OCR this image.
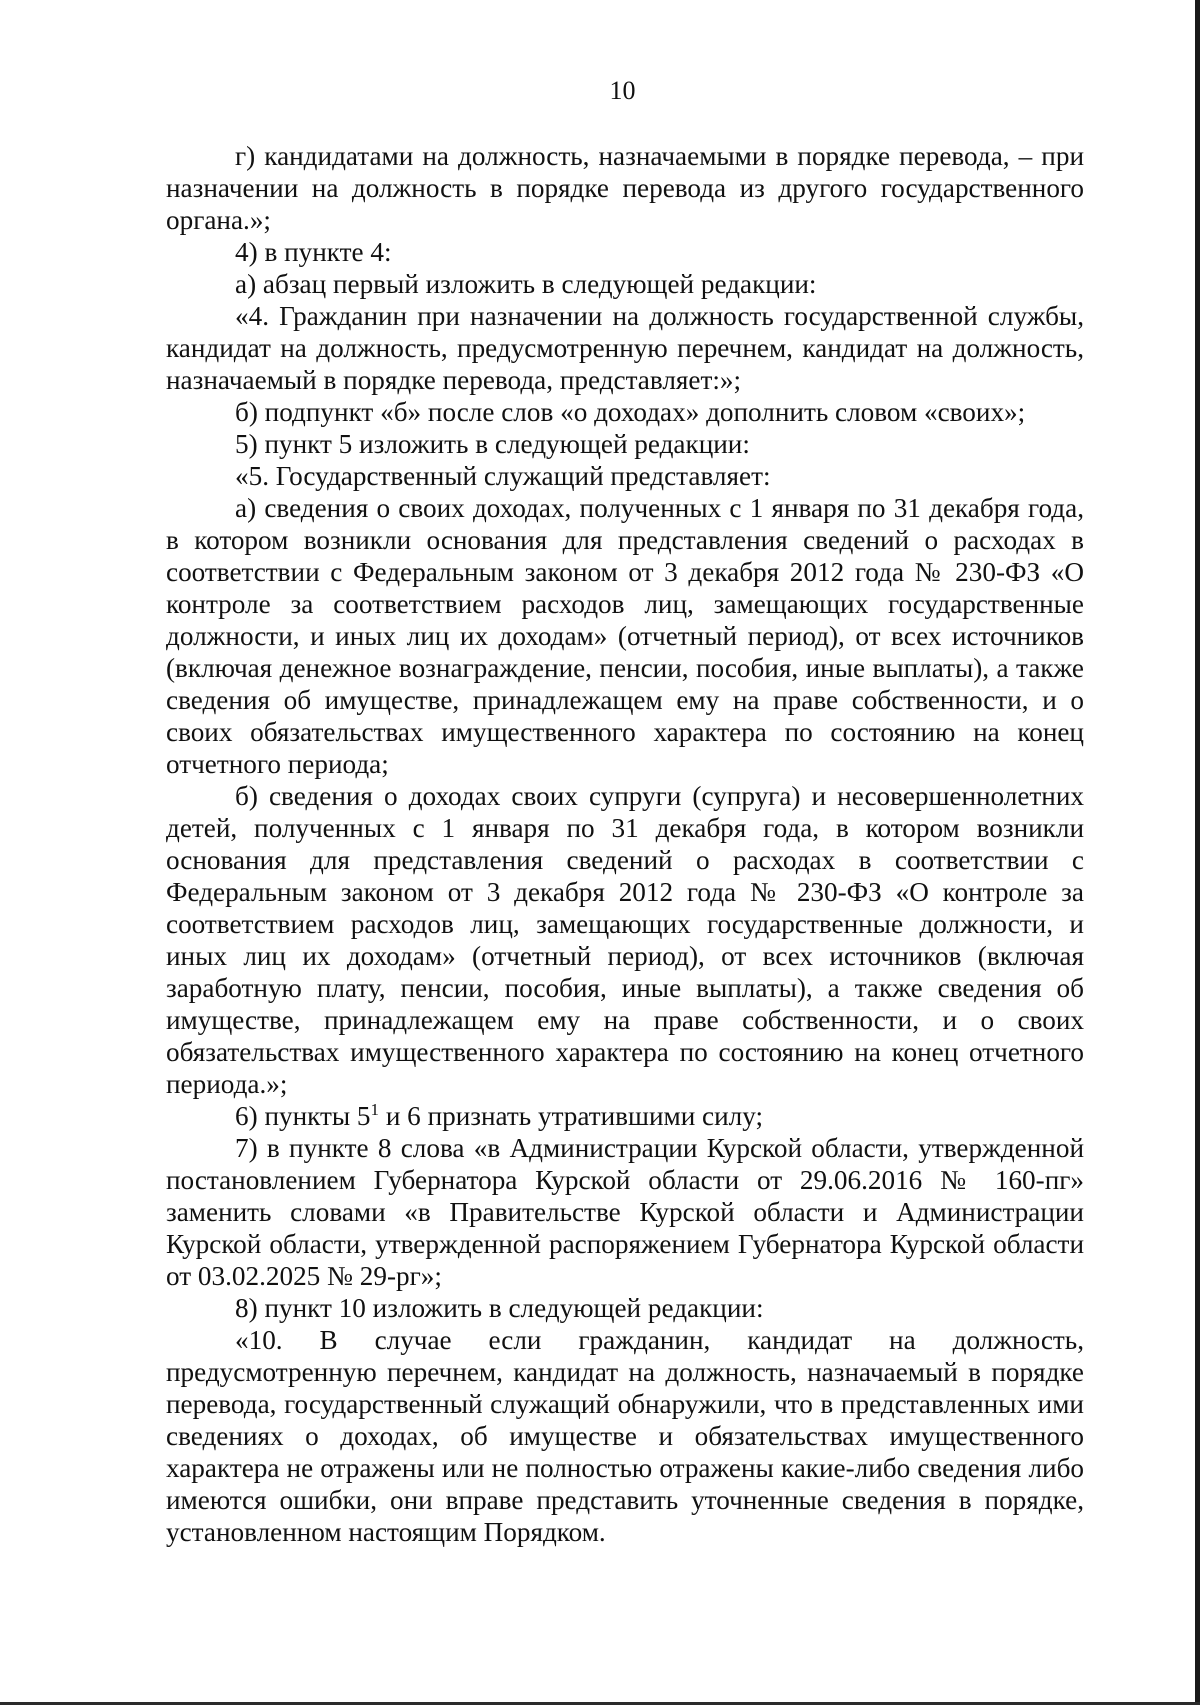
10

г) кандидатами на должность, назначаемыми в порядке перевода, – при назначении на должность в порядке перевода из другого государственного органа.»;

4) в пункте 4:

а) абзац первый изложить в следующей редакции:

«4. Гражданин при назначении на должность государственной службы, кандидат на должность, предусмотренную перечнем, кандидат на должность, назначаемый в порядке перевода, представляет:»;

б) подпункт «б» после слов «о доходах» дополнить словом «своих»;

5) пункт 5 изложить в следующей редакции:

«5. Государственный служащий представляет:

а) сведения о своих доходах, полученных с 1 января по 31 декабря года, в котором возникли основания для представления сведений о расходах в соответствии с Федеральным законом от 3 декабря 2012 года № 230-ФЗ «О контроле за соответствием расходов лиц, замещающих государственные должности, и иных лиц их доходам» (отчетный период), от всех источников (включая денежное вознаграждение, пенсии, пособия, иные выплаты), а также сведения об имуществе, принадлежащем ему на праве собственности, и о своих обязательствах имущественного характера по состоянию на конец отчетного периода;

б) сведения о доходах своих супруги (супруга) и несовершеннолетних детей, полученных с 1 января по 31 декабря года, в котором возникли основания для представления сведений о расходах в соответствии с Федеральным законом от 3 декабря 2012 года № 230-ФЗ «О контроле за соответствием расходов лиц, замещающих государственные должности, и иных лиц их доходам» (отчетный период), от всех источников (включая заработную плату, пенсии, пособия, иные выплаты), а также сведения об имуществе, принадлежащем ему на праве собственности, и о своих обязательствах имущественного характера по состоянию на конец отчетного периода.»;

6) пункты $5^1$ и 6 признать утратившими силу;

7) в пункте 8 слова «в Администрации Курской области, утвержденной постановлением Губернатора Курской области от 29.06.2016 № 160-пг» заменить словами «в Правительстве Курской области и Администрации Курской области, утвержденной распоряжением Губернатора Курской области от 03.02.2025 № 29-рг»;

8) пункт 10 изложить в следующей редакции:

«10. В случае если гражданин, кандидат на должность, предусмотренную перечнем, кандидат на должность, назначаемый в порядке перевода, государственный служащий обнаружили, что в представленных ими сведениях о доходах, об имуществе и обязательствах имущественного характера не отражены или не полностью отражены какие-либо сведения либо имеются ошибки, они вправе представить уточненные сведения в порядке, установленном настоящим Порядком.
